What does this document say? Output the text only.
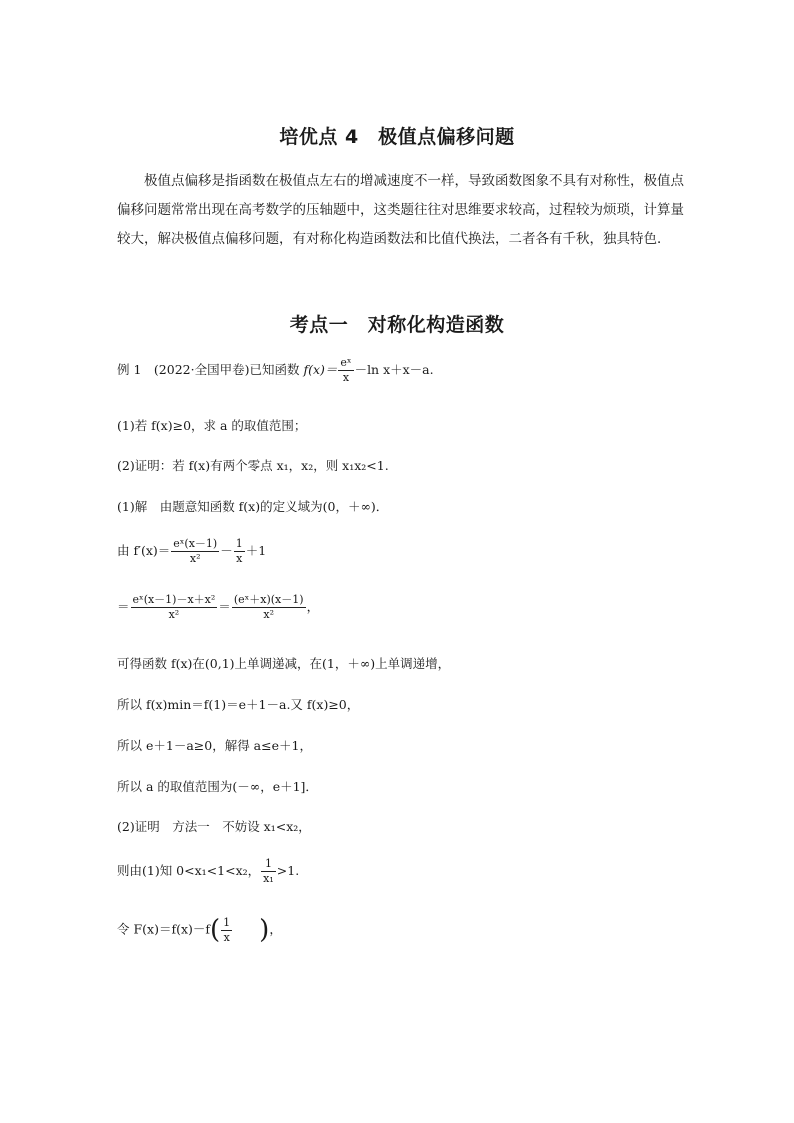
培优点 4　极值点偏移问题
极值点偏移是指函数在极值点左右的增减速度不一样，导致函数图象不具有对称性，极值点偏移问题常常出现在高考数学的压轴题中，这类题往往对思维要求较高，过程较为烦琐，计算量较大，解决极值点偏移问题，有对称化构造函数法和比值代换法，二者各有千秋，独具特色．
考点一　对称化构造函数
例 1　(2022·全国甲卷)已知函数 $f(x)= \frac{\text{eˣ}}{x} -\ln$ x＋x－a.
(1)若 f(x)≥0，求 a 的取值范围；
(2)证明：若 f(x)有两个零点 x₁，x₂，则 x₁x₂<1.
(1)解　由题意知函数 f(x)的定义域为(0，＋∞)．
由 $f'(x)= \frac{\text{eˣ(x－1)}}{\text{x²}} - \frac{1}{x} +1$
＝ $\frac{\text{eˣ(x－1)－x＋x²}}{\text{x²}} = \frac{\text{(eˣ＋x)(x－1)}}{\text{x²}}$ ，
可得函数 f(x)在(0,1)上单调递减，在(1，＋∞)上单调递增，
所以 f(x)min＝f(1)＝e＋1－a.又 f(x)≥0，
所以 e＋1－a≥0，解得 a≤e＋1，
所以 a 的取值范围为(－∞，e＋1]．
(2)证明　方法一　不妨设 x₁<x₂，
则由(1)知 0<x₁<1<x₂， $\frac{1}{\text{x₁}} >1$.
令 $F(x)=f(x)-f( \frac{1}{x}$ )，
